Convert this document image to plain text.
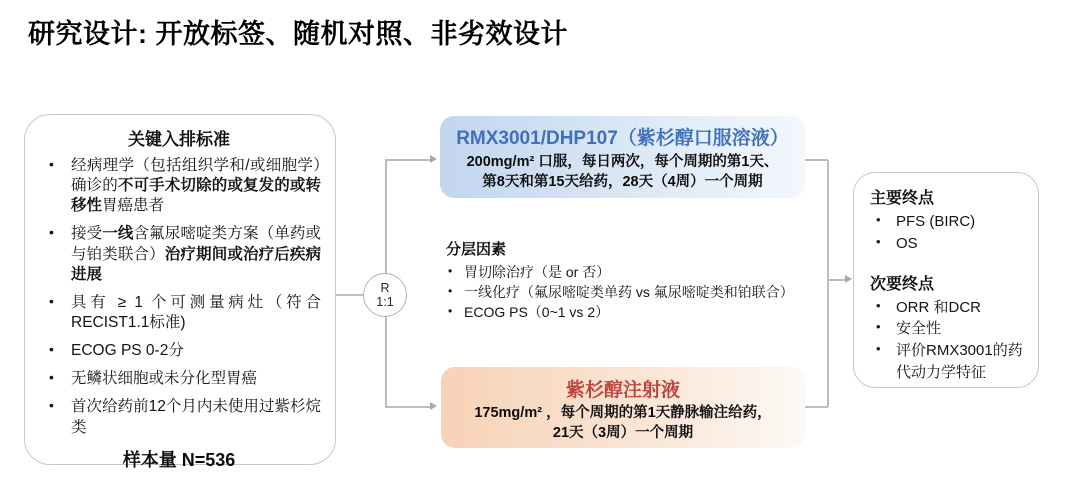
研究设计: 开放标签、随机对照、非劣效设计
关键入排标准
• 经病理学（包括组织学和/或细胞学）确诊的不可手术切除的或复发的或转移性胃癌患者
• 接受一线含氟尿嘧啶类方案（单药或与铂类联合）治疗期间或治疗后疾病进展
• 具有 ≥ 1 个可测量病灶（符合RECIST1.1标准)
• ECOG PS 0-2分
• 无鳞状细胞或未分化型胃癌
• 首次给药前12个月内未使用过紫杉烷类
样本量 N=536
R
1:1
RMX3001/DHP107（紫杉醇口服溶液）
200mg/m² 口服，每日两次，每个周期的第1天、
第8天和第15天给药，28天（4周）一个周期
分层因素
• 胃切除治疗（是 or 否）
• 一线化疗（氟尿嘧啶类单药 vs 氟尿嘧啶类和铂联合）
• ECOG PS（0~1 vs 2）
紫杉醇注射液
175mg/m² ，每个周期的第1天静脉输注给药，
21天（3周）一个周期
主要终点
• PFS (BIRC)
• OS
次要终点
• ORR 和DCR
• 安全性
• 评价RMX3001的药代动力学特征
